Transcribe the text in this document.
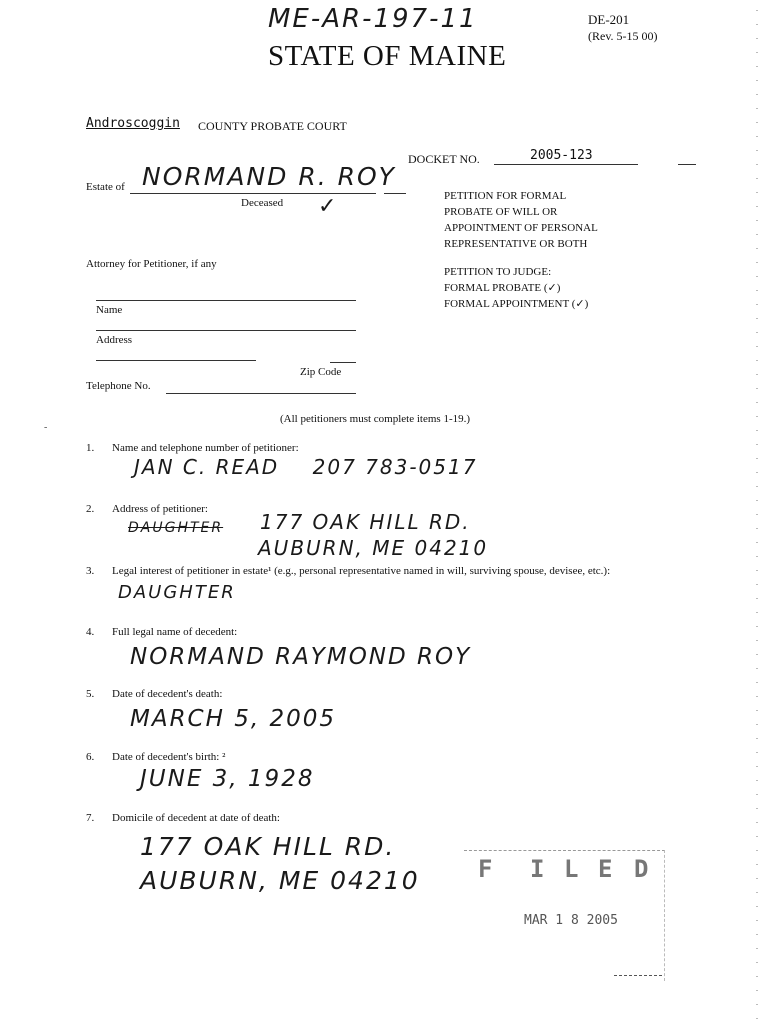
ME-AR-197-11	DE-201
(Rev. 5-15 00)
STATE OF MAINE
Androscoggin COUNTY PROBATE COURT
DOCKET NO.	2005-123
Estate of NORMAND R. ROY
Deceased ✓	PETITION FOR FORMAL
PROBATE OF WILL OR
APPOINTMENT OF PERSONAL
REPRESENTATIVE OR BOTH
PETITION TO JUDGE:
FORMAL PROBATE (✓)
FORMAL APPOINTMENT (✓)
Attorney for Petitioner, if any
Name
Address
Zip Code
Telephone No.
(All petitioners must complete items 1-19.)
-
1. Name and telephone number of petitioner:
JAN C. READ    207 783-0517
2. Address of petitioner:
DAUGHTER 177 OAK HILL RD.
AUBURN, ME 04210
3. Legal interest of petitioner in estate¹ (e.g., personal representative named in will, surviving spouse, devisee, etc.):
DAUGHTER
4. Full legal name of decedent:
NORMAND RAYMOND ROY
5. Date of decedent's death:
MARCH 5, 2005
6. Date of decedent's birth: ²
JUNE 3, 1928
7. Domicile of decedent at date of death:
177 OAK HILL RD.
AUBURN, ME 04210 F I L E D
MAR 1 8 2005
